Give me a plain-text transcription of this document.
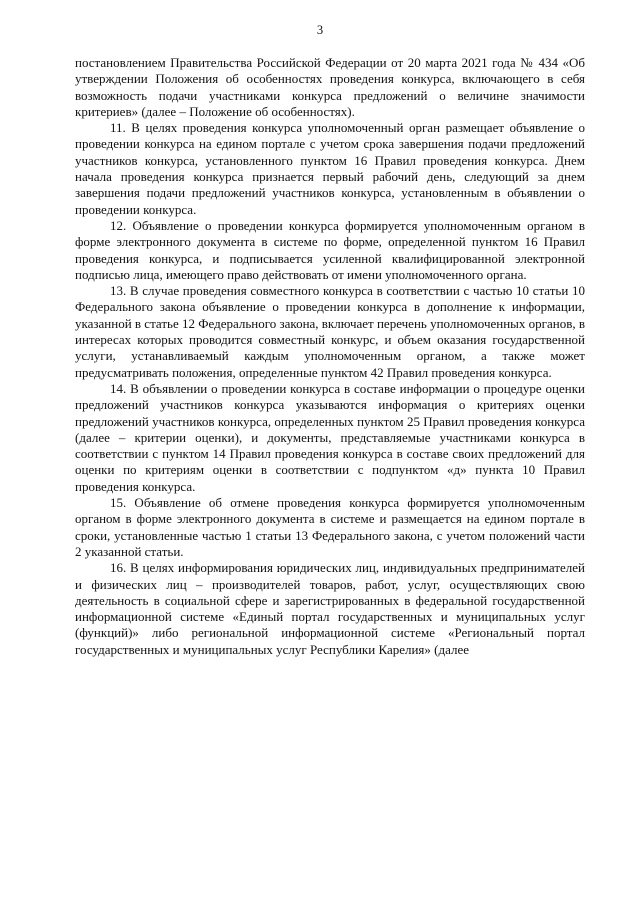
3

постановлением Правительства Российской Федерации от 20 марта 2021 года № 434 «Об утверждении Положения об особенностях проведения конкурса, включающего в себя возможность подачи участниками конкурса предложений о величине значимости критериев» (далее – Положение об особенностях).

11. В целях проведения конкурса уполномоченный орган размещает объявление о проведении конкурса на едином портале с учетом срока завершения подачи предложений участников конкурса, установленного пунктом 16 Правил проведения конкурса. Днем начала проведения конкурса признается первый рабочий день, следующий за днем завершения подачи предложений участников конкурса, установленным в объявлении о проведении конкурса.

12. Объявление о проведении конкурса формируется уполномоченным органом в форме электронного документа в системе по форме, определенной пунктом 16 Правил проведения конкурса, и подписывается усиленной квалифицированной электронной подписью лица, имеющего право действовать от имени уполномоченного органа.

13. В случае проведения совместного конкурса в соответствии с частью 10 статьи 10 Федерального закона объявление о проведении конкурса в дополнение к информации, указанной в статье 12 Федерального закона, включает перечень уполномоченных органов, в интересах которых проводится совместный конкурс, и объем оказания государственной услуги, устанавливаемый каждым уполномоченным органом, а также может предусматривать положения, определенные пунктом 42 Правил проведения конкурса.

14. В объявлении о проведении конкурса в составе информации о процедуре оценки предложений участников конкурса указываются информация о критериях оценки предложений участников конкурса, определенных пунктом 25 Правил проведения конкурса (далее – критерии оценки), и документы, представляемые участниками конкурса в соответствии с пунктом 14 Правил проведения конкурса в составе своих предложений для оценки по критериям оценки в соответствии с подпунктом «д» пункта 10 Правил проведения конкурса.

15. Объявление об отмене проведения конкурса формируется уполномоченным органом в форме электронного документа в системе и размещается на едином портале в сроки, установленные частью 1 статьи 13 Федерального закона, с учетом положений части 2 указанной статьи.

16. В целях информирования юридических лиц, индивидуальных предпринимателей и физических лиц – производителей товаров, работ, услуг, осуществляющих свою деятельность в социальной сфере и зарегистрированных в федеральной государственной информационной системе «Единый портал государственных и муниципальных услуг (функций)» либо региональной информационной системе «Региональный портал государственных и муниципальных услуг Республики Карелия» (далее
